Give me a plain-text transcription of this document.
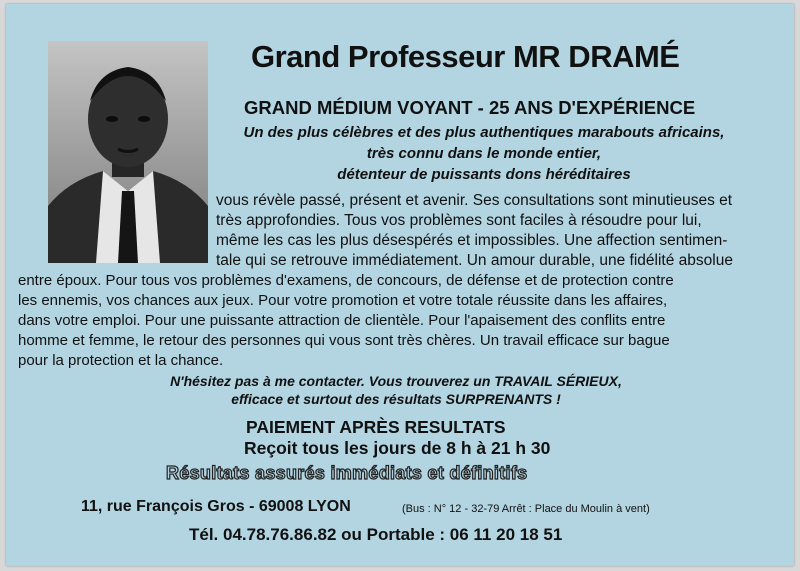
Grand Professeur MR DRAMÉ
GRAND MÉDIUM VOYANT - 25 ANS D'EXPÉRIENCE
Un des plus célèbres et des plus authentiques marabouts africains,
très connu dans le monde entier,
détenteur de puissants dons héréditaires
vous révèle passé, présent et avenir. Ses consultations sont minutieuses et
très approfondies. Tous vos problèmes sont faciles à résoudre pour lui,
même les cas les plus désespérés et impossibles. Une affection sentimen-
tale qui se retrouve immédiatement. Un amour durable, une fidélité absolue
entre époux. Pour tous vos problèmes d'examens, de concours, de défense et de protection contre
les ennemis, vos chances aux jeux. Pour votre promotion et votre totale réussite dans les affaires,
dans votre emploi. Pour une puissante attraction de clientèle. Pour l'apaisement des conflits entre
homme et femme, le retour des personnes qui vous sont très chères. Un travail efficace sur bague
pour la protection et la chance.
N'hésitez pas à me contacter. Vous trouverez un TRAVAIL SÉRIEUX,
efficace et surtout des résultats SURPRENANTS !
PAIEMENT APRÈS RESULTATS
Reçoit tous les jours de 8 h à 21 h 30
Résultats assurés immédiats et définitifs
11, rue François Gros - 69008 LYON	(Bus : N° 12 - 32-79 Arrêt : Place du Moulin à vent)
Tél. 04.78.76.86.82 ou Portable : 06 11 20 18 51
